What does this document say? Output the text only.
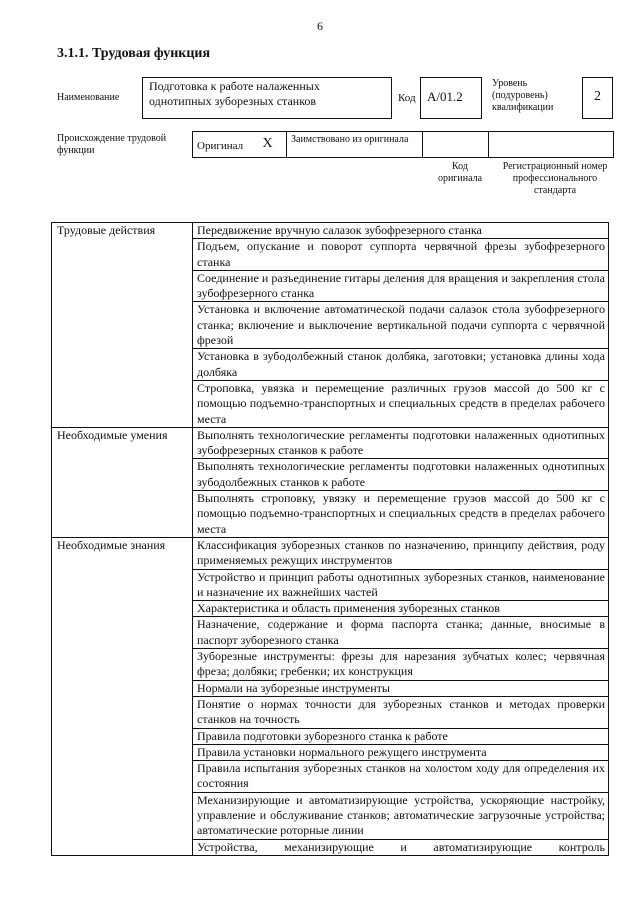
6
3.1.1. Трудовая функция
Наименование
Подготовка к работе налаженных однотипных зуборезных станков	Код A/01.2
Уровень (подуровень) квалификации
2
Происхождение трудовой функции	Оригинал X	Заимствовано из оригинала		
Код оригинала
Регистрационный номер профессионального стандарта
Трудовые действия	Передвижение вручную салазок зубофрезерного станка
	Подъем, опускание и поворот суппорта червячной фрезы зубофрезерного станка
	Соединение и разъединение гитары деления для вращения и закрепления стола зубофрезерного станка
	Установка и включение автоматической подачи салазок стола зубофрезерного станка; включение и выключение вертикальной подачи суппорта с червячной фрезой
	Установка в зубодолбежный станок долбяка, заготовки; установка длины хода долбяка
	Строповка, увязка и перемещение различных грузов массой до 500 кг с помощью подъемно-транспортных и специальных средств в пределах рабочего места
Необходимые умения	Выполнять технологические регламенты подготовки налаженных однотипных зубофрезерных станков к работе
	Выполнять технологические регламенты подготовки налаженных однотипных зубодолбежных станков к работе
	Выполнять строповку, увязку и перемещение грузов массой до 500 кг с помощью подъемно-транспортных и специальных средств в пределах рабочего места
Необходимые знания	Классификация зуборезных станков по назначению, принципу действия, роду применяемых режущих инструментов
	Устройство и принцип работы однотипных зуборезных станков, наименование и назначение их важнейших частей
	Характеристика и область применения зуборезных станков
	Назначение, содержание и форма паспорта станка; данные, вносимые в паспорт зуборезного станка
	Зуборезные инструменты: фрезы для нарезания зубчатых колес; червячная фреза; долбяки; гребенки; их конструкция
	Нормали на зуборезные инструменты
	Понятие о нормах точности для зуборезных станков и методах проверки станков на точность
	Правила подготовки зуборезного станка к работе
	Правила установки нормального режущего инструмента
	Правила испытания зуборезных станков на холостом ходу для определения их состояния
	Механизирующие и автоматизирующие устройства, ускоряющие настройку, управление и обслуживание станков; автоматические загрузочные устройства; автоматические роторные линии
	Устройства, механизирующие и автоматизирующие контроль
